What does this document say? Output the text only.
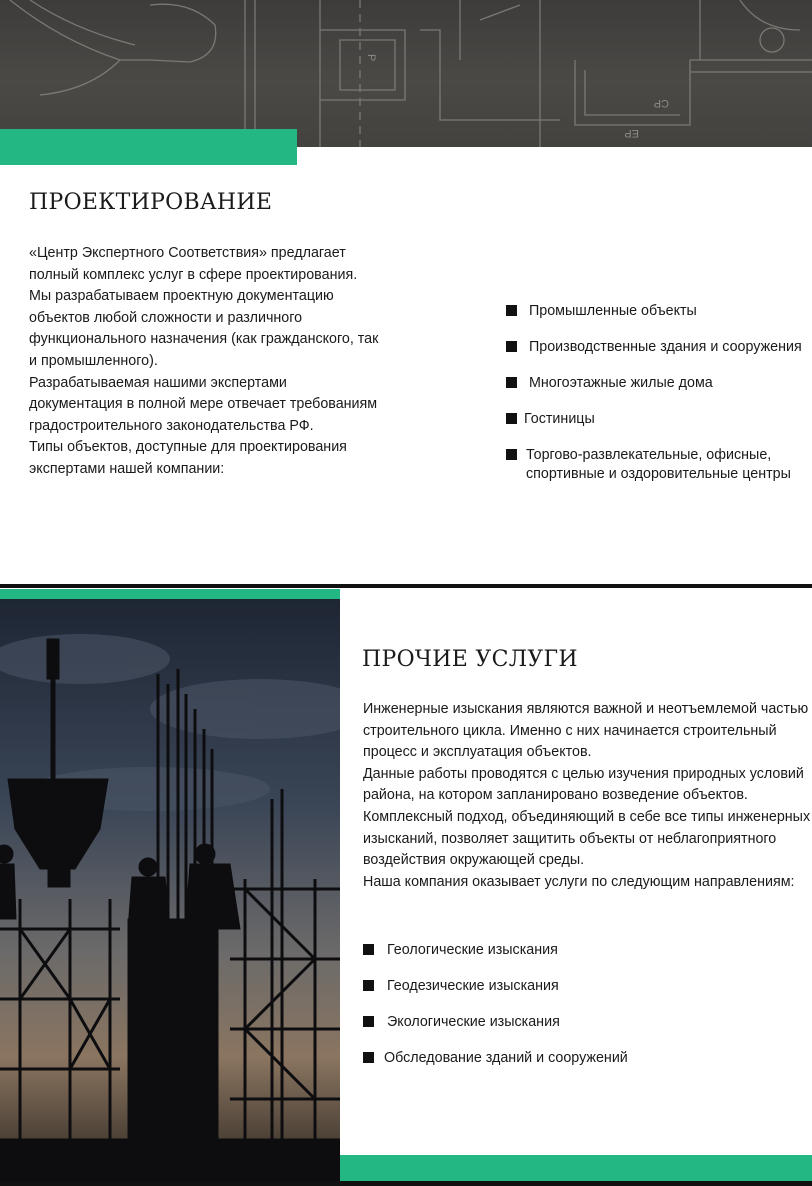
CP
EP
P
ПРОЕКТИРОВАНИЕ

«Центр Экспертного Соответствия» предлагает полный комплекс услуг в сфере проектирования. Мы разрабатываем проектную документацию объектов любой сложности и различного функционального назначения (как гражданского, так и промышленного).

Разрабатываемая нашими экспертами документация в полной мере отвечает требованиям градостроительного законодательства РФ.

Типы объектов, доступные для проектирования экспертами нашей компании:

Промышленные объекты
Производственные здания и сооружения
Многоэтажные жилые дома
Гостиницы
Торгово-развлекательные, офисные, спортивные и оздоровительные центры
ПРОЧИЕ УСЛУГИ

Инженерные изыскания являются важной и неотъемлемой частью строительного цикла. Именно с них начинается строительный процесс и эксплуатация объектов.

Данные работы проводятся с целью изучения природных условий района, на котором запланировано возведение объектов.

Комплексный подход, объединяющий в себе все типы инженерных изысканий, позволяет защитить объекты от неблагоприятного воздействия окружающей среды.

Наша компания оказывает услуги по следующим направлениям:

Геологические изыскания
Геодезические изыскания
Экологические изыскания
Обследование зданий и сооружений
